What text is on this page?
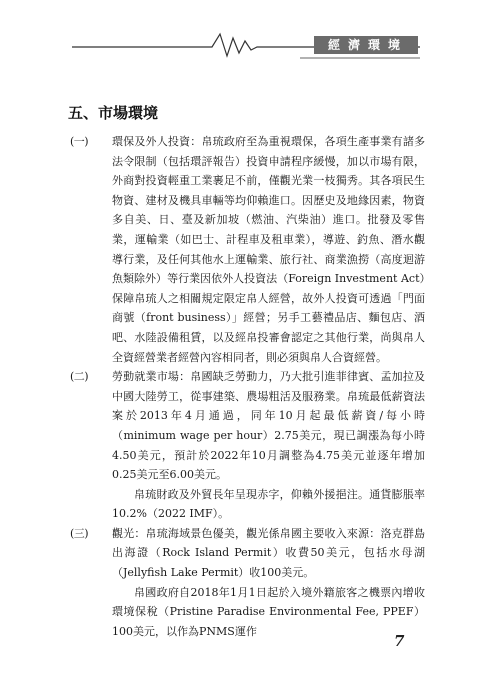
經濟環境
五、市場環境
(一)	環保及外人投資：帛琉政府至為重視環保，各項生產事業有諸多法令限制（包括環評報告）投資申請程序緩慢，加以市場有限，外商對投資輕重工業裹足不前，僅觀光業一枝獨秀。其各項民生物資、建材及機具車輛等均仰賴進口。因歷史及地緣因素，物資多自美、日、臺及新加坡（燃油、汽柴油）進口。批發及零售業，運輸業（如巴士、計程車及租車業），導遊、釣魚、潛水觀導行業，及任何其他水上運輸業、旅行社、商業漁撈（高度迴游魚類除外）等行業因依外人投資法（Foreign Investment Act）保障帛琉人之相關規定限定帛人經營，故外人投資可透過「門面商號（front business）」經營；另手工藝禮品店、麵包店、酒吧、水陸設備租賃，以及經帛投審會認定之其他行業，尚與帛人全資經營業者經營內容相同者，則必須與帛人合資經營。
(二)	勞動就業市場：帛國缺乏勞動力，乃大批引進菲律賓、孟加拉及中國大陸勞工，從事建築、農場粗活及服務業。帛琉最低薪資法案於2013年4月通過，同年10月起最低薪資/每小時（minimum wage per hour）2.75美元，現已調漲為每小時4.50美元，預計於2022年10月調整為4.75美元並逐年增加0.25美元至6.00美元。
帛琉財政及外貿長年呈現赤字，仰賴外援挹注。通貨膨脹率10.2%（2022 IMF）。
(三)	觀光：帛琉海域景色優美，觀光係帛國主要收入來源：洛克群島出海證（Rock Island Permit）收費50美元，包括水母湖（Jellyfish Lake Permit）收100美元。
帛國政府自2018年1月1日起於入境外籍旅客之機票內增收環境保稅（Pristine Paradise Environmental Fee, PPEF）100美元，以作為PNMS運作
7
